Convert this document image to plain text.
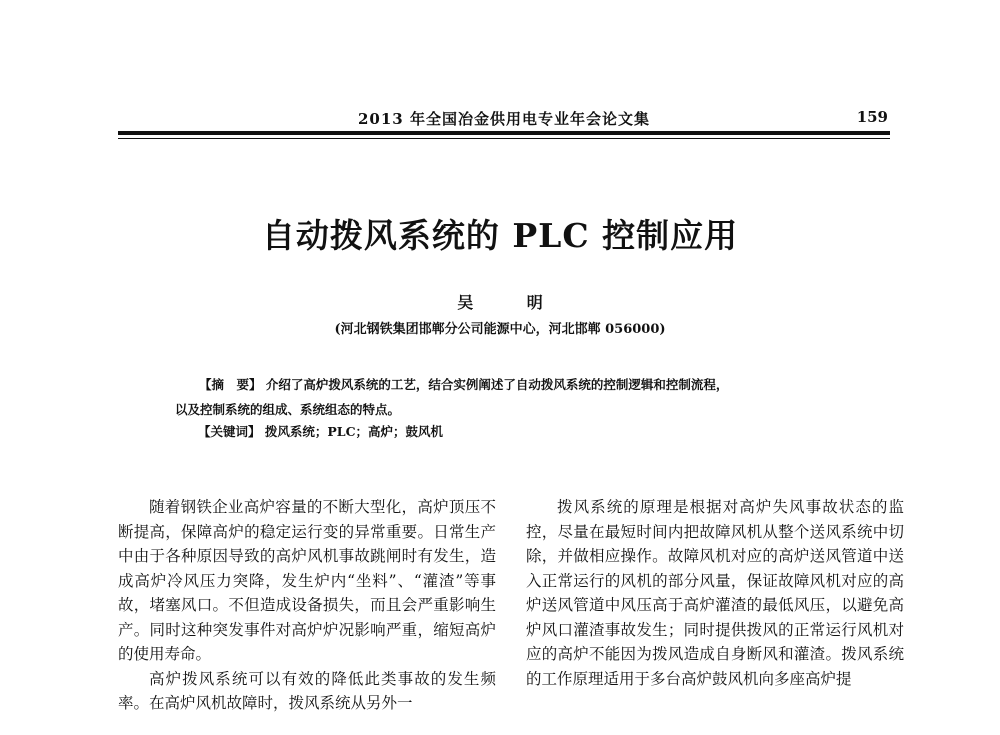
2013 年全国冶金供用电专业年会论文集	159
自动拨风系统的 PLC 控制应用
吴 明
(河北钢铁集团邯郸分公司能源中心，河北邯郸 056000)
【摘　要】 介绍了高炉拨风系统的工艺，结合实例阐述了自动拨风系统的控制逻辑和控制流程，
以及控制系统的组成、系统组态的特点。
【关键词】 拨风系统；PLC；高炉；鼓风机

随着钢铁企业高炉容量的不断大型化，高炉顶压不断提高，保障高炉的稳定运行变的异常重要。日常生产中由于各种原因导致的高炉风机事故跳闸时有发生，造成高炉冷风压力突降，发生炉内“坐料”、“灌渣”等事故，堵塞风口。不但造成设备损失，而且会严重影响生产。同时这种突发事件对高炉炉况影响严重，缩短高炉的使用寿命。

高炉拨风系统可以有效的降低此类事故的发生频率。在高炉风机故障时，拨风系统从另外一

拨风系统的原理是根据对高炉失风事故状态的监控，尽量在最短时间内把故障风机从整个送风系统中切除，并做相应操作。故障风机对应的高炉送风管道中送入正常运行的风机的部分风量，保证故障风机对应的高炉送风管道中风压高于高炉灌渣的最低风压，以避免高炉风口灌渣事故发生；同时提供拨风的正常运行风机对应的高炉不能因为拨风造成自身断风和灌渣。拨风系统的工作原理适用于多台高炉鼓风机向多座高炉提
